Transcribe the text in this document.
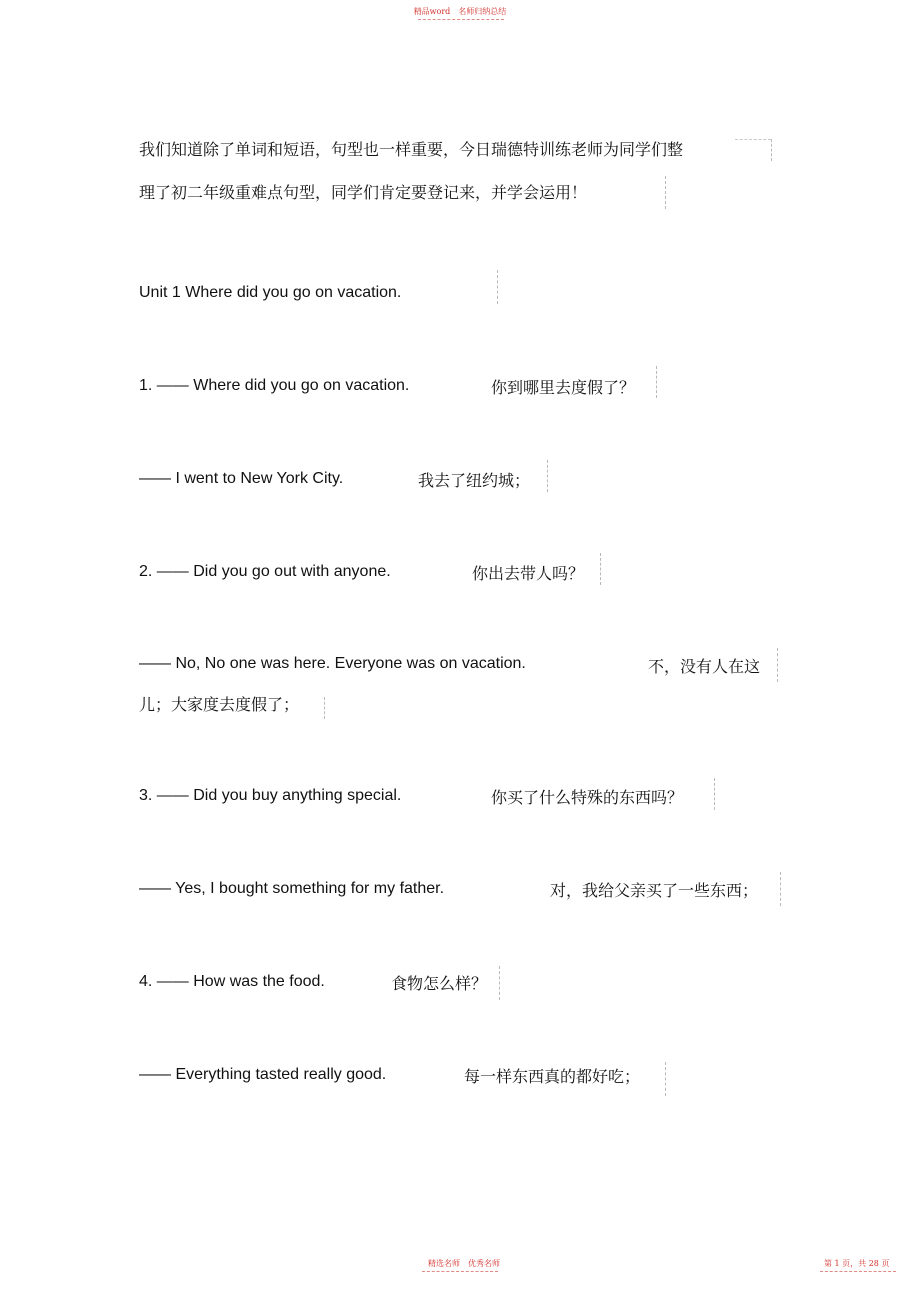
精品word　名师归纳总结
我们知道除了单词和短语，句型也一样重要，今日瑞德特训练老师为同学们整
理了初二年级重难点句型，同学们肯定要登记来，并学会运用！
Unit 1 Where did you go on vacation.
1. —— Where did you go on vacation.	你到哪里去度假了？
—— I went to New York City.	我去了纽约城；
2. —— Did you go out with anyone.	你出去带人吗？
—— No, No one was here. Everyone was on vacation.	不，没有人在这
儿；大家度去度假了；
3. —— Did you buy anything special.	你买了什么特殊的东西吗？
—— Yes, I bought something for my father.	对，我给父亲买了一些东西；
4. —— How was the food.	食物怎么样？
—— Everything tasted really good.	每一样东西真的都好吃；
精选名师　优秀名师	第 1 页，共 28 页
